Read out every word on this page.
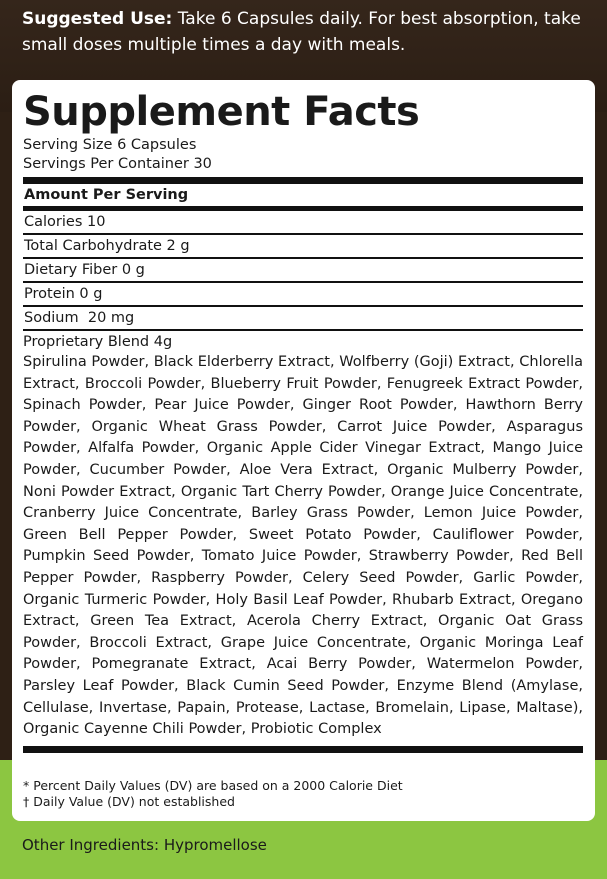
Suggested Use: Take 6 Capsules daily. For best absorption, take small doses multiple times a day with meals.
Supplement Facts
Serving Size 6 Capsules
Servings Per Container 30
Amount Per Serving
Calories 10
Total Carbohydrate 2 g
Dietary Fiber 0 g
Protein 0 g
Sodium  20 mg
Proprietary Blend 4g
Spirulina Powder, Black Elderberry Extract, Wolfberry (Goji) Extract, Chlorella Extract, Broccoli Powder, Blueberry Fruit Powder, Fenugreek Extract Powder, Spinach Powder, Pear Juice Powder, Ginger Root Powder, Hawthorn Berry Powder, Organic Wheat Grass Powder, Carrot Juice Powder, Asparagus Powder, Alfalfa Powder, Organic Apple Cider Vinegar Extract, Mango Juice Powder, Cucumber Powder, Aloe Vera Extract, Organic Mulberry Powder, Noni Powder Extract, Organic Tart Cherry Powder, Orange Juice Concentrate, Cranberry Juice Concentrate, Barley Grass Powder, Lemon Juice Powder, Green Bell Pepper Powder, Sweet Potato Powder, Cauliflower Powder, Pumpkin Seed Powder, Tomato Juice Powder, Strawberry Powder, Red Bell Pepper Powder, Raspberry Powder, Celery Seed Powder, Garlic Powder, Organic Turmeric Powder, Holy Basil Leaf Powder, Rhubarb Extract, Oregano Extract, Green Tea Extract, Acerola Cherry Extract, Organic Oat Grass Powder, Broccoli Extract, Grape Juice Concentrate, Organic Moringa Leaf Powder, Pomegranate Extract, Acai Berry Powder, Watermelon Powder, Parsley Leaf Powder, Black Cumin Seed Powder, Enzyme Blend (Amylase, Cellulase, Invertase, Papain, Protease, Lactase, Bromelain, Lipase, Maltase), Organic Cayenne Chili Powder, Probiotic Complex
* Percent Daily Values (DV) are based on a 2000 Calorie Diet
† Daily Value (DV) not established
Other Ingredients: Hypromellose
